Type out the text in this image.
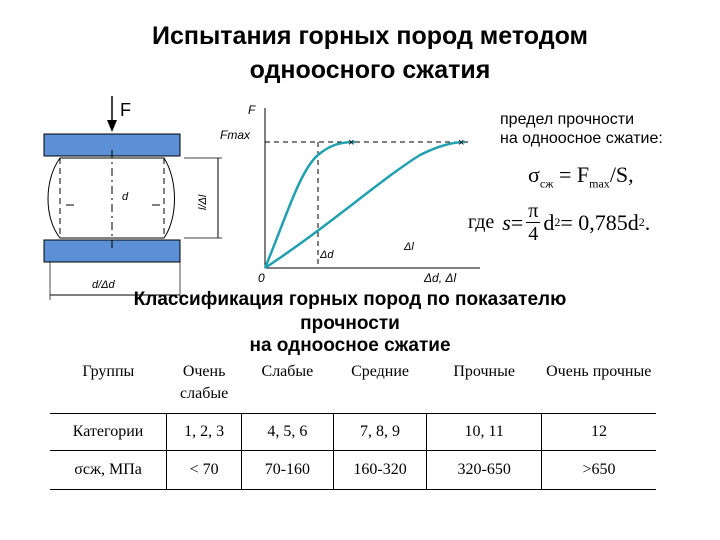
Испытания горных пород методом
одноосного сжатия
F
l/Δl
d
d/Δd
F
Fmax
0	Δd, Δl
Δd
Δl
×	×
предел прочности
на одноосное сжатие:
$\sigma_{сж} = F_{max}/S$,
где $s = \frac{\pi}{4}$ d 2 = 0,785d 2 .
Классификация горных пород по показателю
прочности
на одноосное сжатие
Группы	Очень слабые	Слабые	Средние	Прочные	Очень прочные
Категории	1, 2, 3	4, 5, 6	7, 8, 9	10, 11	12
σсж, МПа	< 70	70-160	160-320	320-650	>650
